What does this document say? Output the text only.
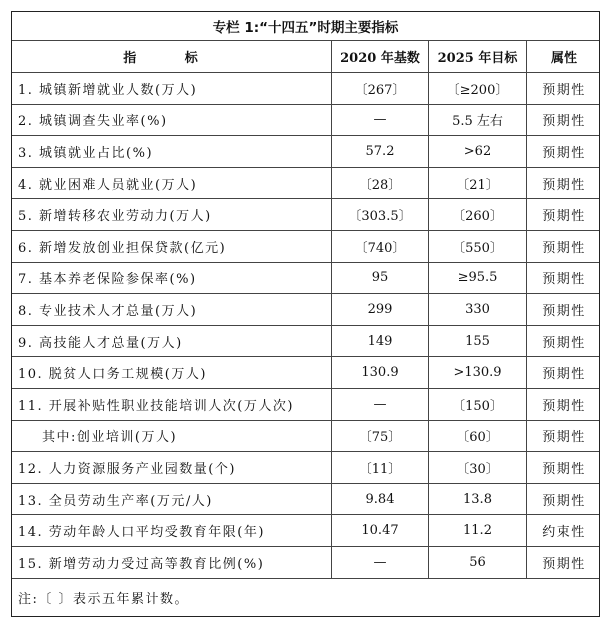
专栏 1:“十四五”时期主要指标
指 标	2020 年基数	2025 年目标	属性
1. 城镇新增就业人数(万人)	〔267〕	〔≥200〕	预期性
2. 城镇调查失业率(%)	—	5.5 左右	预期性
3. 城镇就业占比(%)	57.2	>62	预期性
4. 就业困难人员就业(万人)	〔28〕	〔21〕	预期性
5. 新增转移农业劳动力(万人)	〔303.5〕	〔260〕	预期性
6. 新增发放创业担保贷款(亿元)	〔740〕	〔550〕	预期性
7. 基本养老保险参保率(%)	95	≥95.5	预期性
8. 专业技术人才总量(万人)	299	330	预期性
9. 高技能人才总量(万人)	149	155	预期性
10. 脱贫人口务工规模(万人)	130.9	>130.9	预期性
11. 开展补贴性职业技能培训人次(万人次)	—	〔150〕	预期性
其中:创业培训(万人)	〔75〕	〔60〕	预期性
12. 人力资源服务产业园数量(个)	〔11〕	〔30〕	预期性
13. 全员劳动生产率(万元/人)	9.84	13.8	预期性
14. 劳动年龄人口平均受教育年限(年)	10.47	11.2	约束性
15. 新增劳动力受过高等教育比例(%)	—	56	预期性
注:〔 〕表示五年累计数。
